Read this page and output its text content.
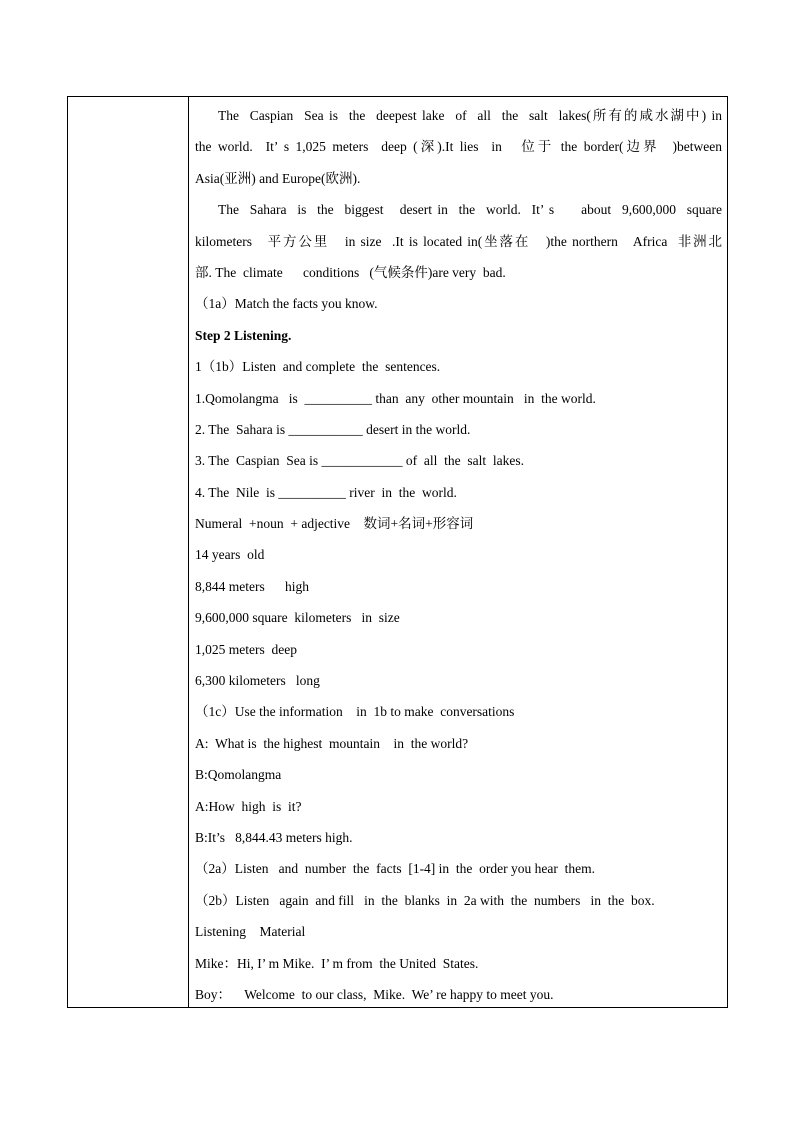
The  Caspian  Sea is  the  deepest lake  of  all  the  salt  lakes(所有的咸水湖中) in
the world.  It’ s 1,025 meters  deep (深).It lies  in   位于 the border(边界  )between
Asia(亚洲) and Europe(欧洲).
The  Sahara  is  the  biggest   desert in  the  world.  It’ s     about  9,600,000  square
kilometers   平方公里   in size  .It is located in(坐落在   )the northern   Africa  非洲北
部. The  climate      conditions   (气候条件)are very  bad.
（1a）Match the facts you know.
Step 2 Listening.
1（1b）Listen  and complete  the  sentences.
1.Qomolangma   is  __________ than  any  other mountain   in  the world.
2. The  Sahara is ___________ desert in the world.
3. The  Caspian  Sea is ____________ of  all  the  salt  lakes.
4. The  Nile  is __________ river  in  the  world.
Numeral  +noun  + adjective    数词+名词+形容词
14 years  old
8,844 meters      high
9,600,000 square  kilometers   in  size
1,025 meters  deep
6,300 kilometers   long
（1c）Use the information    in  1b to make  conversations
A:  What is  the highest  mountain    in  the world?
B:Qomolangma
A:How  high  is  it?
B:It’s   8,844.43 meters high.
（2a）Listen   and  number  the  facts  [1-4] in  the  order you hear  them.
（2b）Listen   again  and fill   in  the  blanks  in  2a with  the  numbers   in  the  box.
Listening    Material
Mike：Hi, I’ m Mike.  I’ m from  the United  States.
Boy：    Welcome  to our class,  Mike.  We’ re happy to meet you.
